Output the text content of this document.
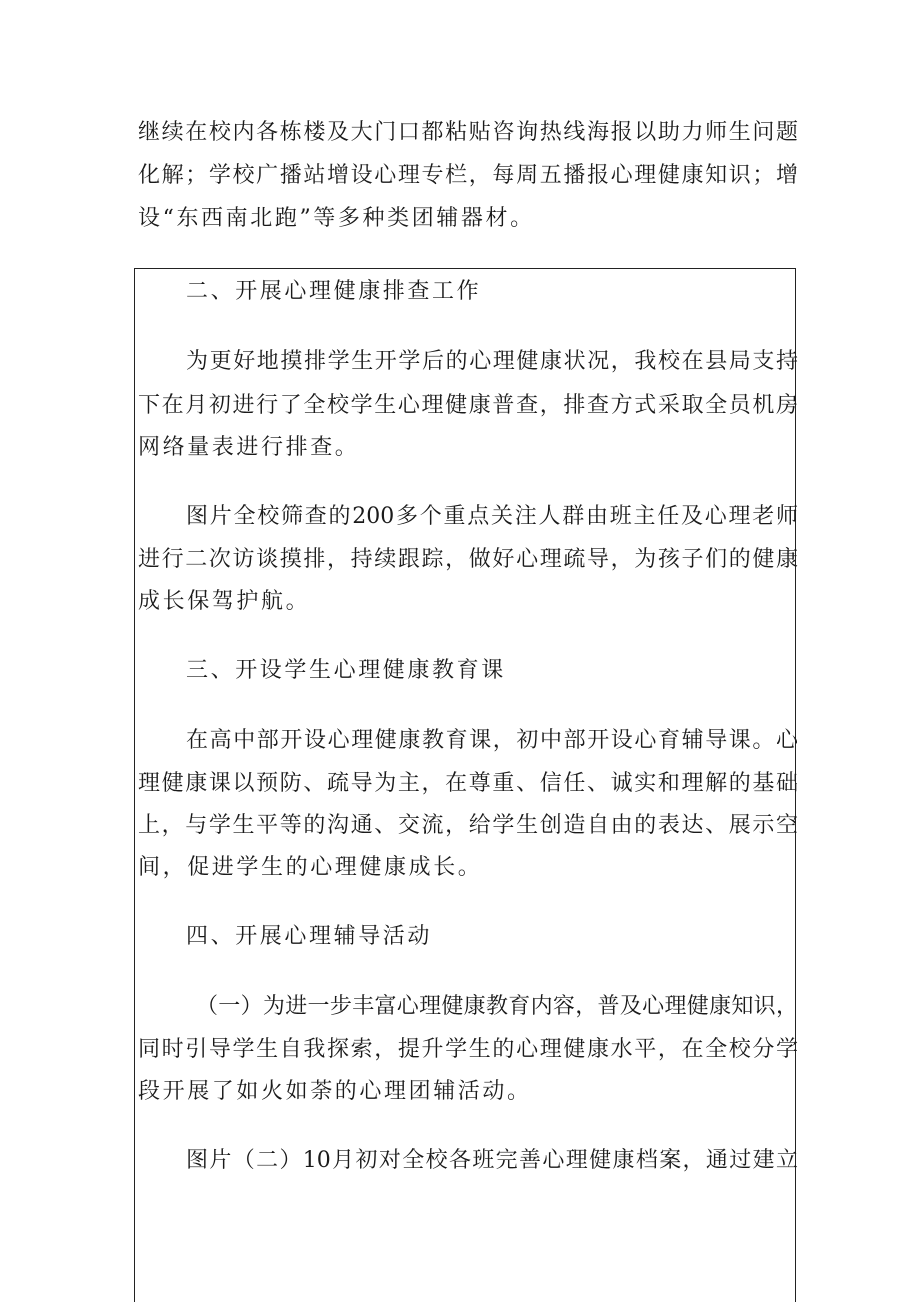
继续在校内各栋楼及大门口都粘贴咨询热线海报以助力师生问题
化解；学校广播站增设心理专栏，每周五播报心理健康知识；增
设“东西南北跑”等多种类团辅器材。
二、开展心理健康排查工作
为更好地摸排学生开学后的心理健康状况，我校在县局支持
下在月初进行了全校学生心理健康普查，排查方式采取全员机房
网络量表进行排查。
图片全校筛查的200多个重点关注人群由班主任及心理老师
进行二次访谈摸排，持续跟踪，做好心理疏导，为孩子们的健康
成长保驾护航。
三、开设学生心理健康教育课
在高中部开设心理健康教育课，初中部开设心育辅导课。心
理健康课以预防、疏导为主，在尊重、信任、诚实和理解的基础
上，与学生平等的沟通、交流，给学生创造自由的表达、展示空
间，促进学生的心理健康成长。
四、开展心理辅导活动
（一）为进一步丰富心理健康教育内容，普及心理健康知识，
同时引导学生自我探索，提升学生的心理健康水平，在全校分学
段开展了如火如荼的心理团辅活动。
图片（二）10月初对全校各班完善心理健康档案，通过建立
